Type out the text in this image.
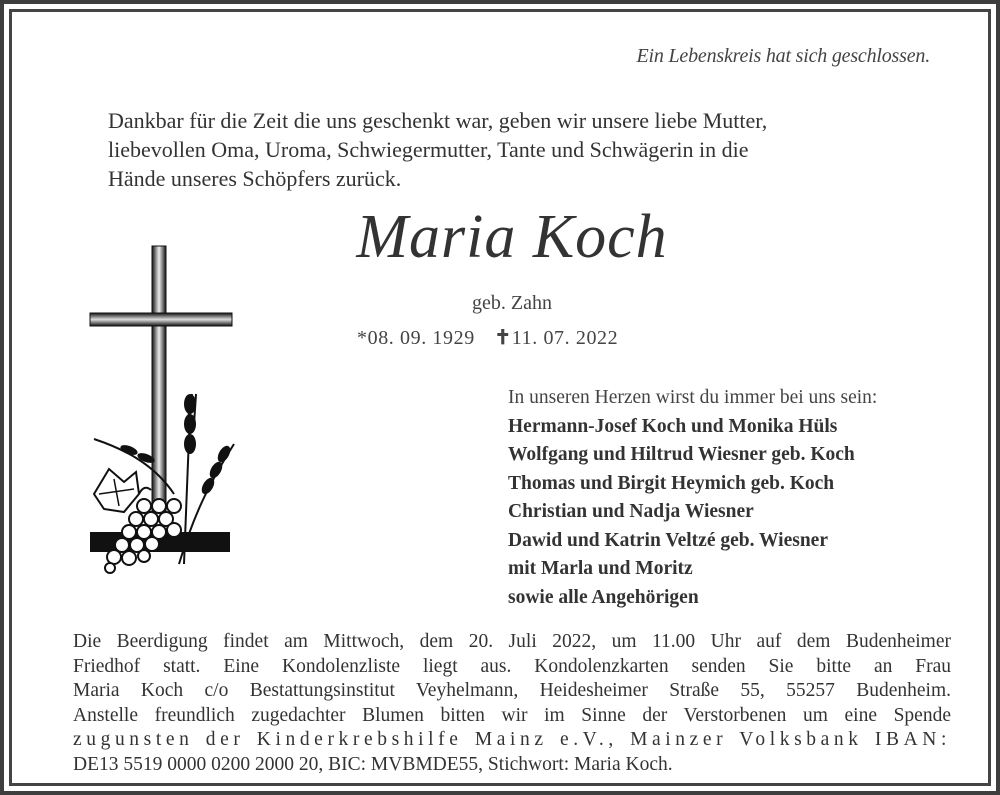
Ein Lebenskreis hat sich geschlossen.
Dankbar für die Zeit die uns geschenkt war, geben wir unsere liebe Mutter,
liebevollen Oma, Uroma, Schwiegermutter, Tante und Schwägerin in die
Hände unseres Schöpfers zurück.
Maria Koch
geb. Zahn
*08. 09. 1929 ✝11. 07. 2022
In unseren Herzen wirst du immer bei uns sein:
Hermann-Josef Koch und Monika Hüls
Wolfgang und Hiltrud Wiesner geb. Koch
Thomas und Birgit Heymich geb. Koch
Christian und Nadja Wiesner
Dawid und Katrin Veltzé geb. Wiesner
mit Marla und Moritz
sowie alle Angehörigen
Die Beerdigung findet am Mittwoch, dem 20. Juli 2022, um 11.00 Uhr auf dem Budenheimer
Friedhof statt. Eine Kondolenzliste liegt aus. Kondolenzkarten senden Sie bitte an Frau
Maria Koch c/o Bestattungsinstitut Veyhelmann, Heidesheimer Straße 55, 55257 Budenheim.
Anstelle freundlich zugedachter Blumen bitten wir im Sinne der Verstorbenen um eine Spende
zugunsten der Kinderkrebshilfe Mainz e.V., Mainzer Volksbank IBAN:
DE13 5519 0000 0200 2000 20, BIC: MVBMDE55, Stichwort: Maria Koch.
